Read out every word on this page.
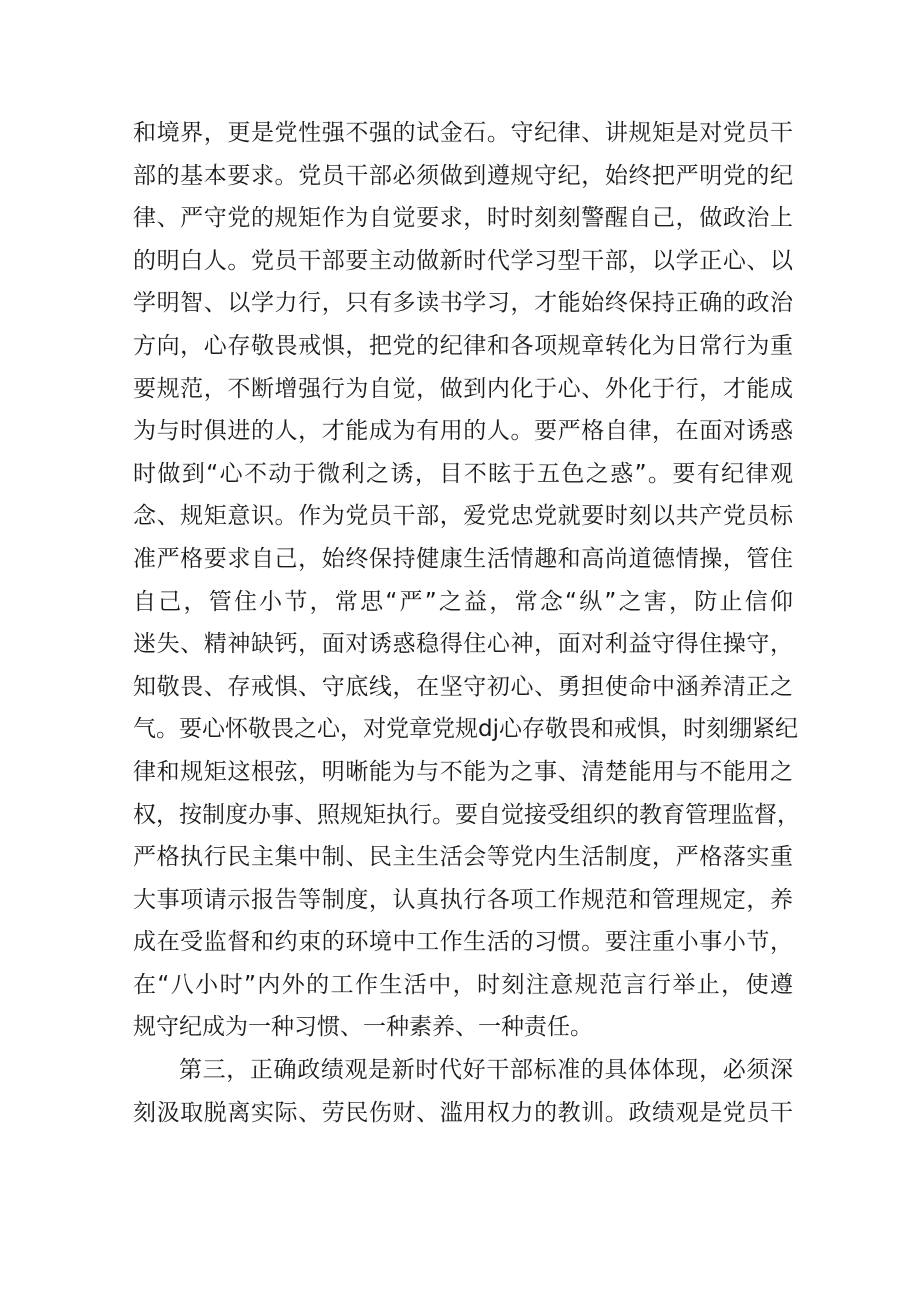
和境界，更是党性强不强的试金石。守纪律、讲规矩是对党员干
部的基本要求。党员干部必须做到遵规守纪，始终把严明党的纪
律、严守党的规矩作为自觉要求，时时刻刻警醒自己，做政治上
的明白人。党员干部要主动做新时代学习型干部，以学正心、以
学明智、以学力行，只有多读书学习，才能始终保持正确的政治
方向，心存敬畏戒惧，把党的纪律和各项规章转化为日常行为重
要规范，不断增强行为自觉，做到内化于心、外化于行，才能成
为与时俱进的人，才能成为有用的人。要严格自律，在面对诱惑
时做到“心不动于微利之诱，目不眩于五色之惑”。要有纪律观
念、规矩意识。作为党员干部，爱党忠党就要时刻以共产党员标
准严格要求自己，始终保持健康生活情趣和高尚道德情操，管住
自己，管住小节，常思“严”之益，常念“纵”之害，防止信仰
迷失、精神缺钙，面对诱惑稳得住心神，面对利益守得住操守，
知敬畏、存戒惧、守底线，在坚守初心、勇担使命中涵养清正之
气。要心怀敬畏之心，对党章党规dj心存敬畏和戒惧，时刻绷紧纪
律和规矩这根弦，明晰能为与不能为之事、清楚能用与不能用之
权，按制度办事、照规矩执行。要自觉接受组织的教育管理监督，
严格执行民主集中制、民主生活会等党内生活制度，严格落实重
大事项请示报告等制度，认真执行各项工作规范和管理规定，养
成在受监督和约束的环境中工作生活的习惯。要注重小事小节，
在“八小时”内外的工作生活中，时刻注意规范言行举止，使遵
规守纪成为一种习惯、一种素养、一种责任。
第三，正确政绩观是新时代好干部标准的具体体现，必须深
刻汲取脱离实际、劳民伤财、滥用权力的教训。政绩观是党员干
